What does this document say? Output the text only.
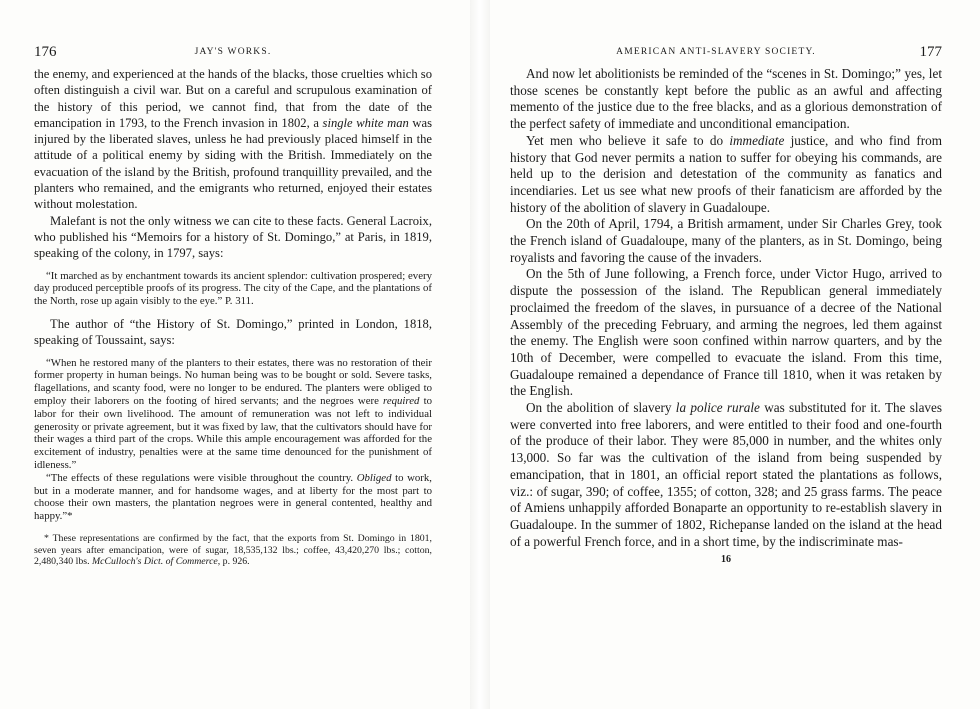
176	JAY'S WORKS.

the enemy, and experienced at the hands of the blacks, those cruelties which so often distinguish a civil war. But on a careful and scrupulous examination of the history of this period, we cannot find, that from the date of the emancipation in 1793, to the French invasion in 1802, a single white man was injured by the liberated slaves, unless he had previously placed himself in the attitude of a political enemy by siding with the British. Immediately on the evacuation of the island by the British, profound tranquillity prevailed, and the planters who remained, and the emigrants who returned, enjoyed their estates without molestation.

Malefant is not the only witness we can cite to these facts. General Lacroix, who published his “Memoirs for a history of St. Domingo,” at Paris, in 1819, speaking of the colony, in 1797, says:

“It marched as by enchantment towards its ancient splendor: cultivation prospered; every day produced perceptible proofs of its progress. The city of the Cape, and the plantations of the North, rose up again visibly to the eye.” P. 311.

The author of “the History of St. Domingo,” printed in London, 1818, speaking of Toussaint, says:

“When he restored many of the planters to their estates, there was no restoration of their former property in human beings. No human being was to be bought or sold. Severe tasks, flagellations, and scanty food, were no longer to be endured. The planters were obliged to employ their laborers on the footing of hired servants; and the negroes were required to labor for their own livelihood. The amount of remuneration was not left to individual generosity or private agreement, but it was fixed by law, that the cultivators should have for their wages a third part of the crops. While this ample encouragement was afforded for the excitement of industry, penalties were at the same time denounced for the punishment of idleness.”

“The effects of these regulations were visible throughout the country. Obliged to work, but in a moderate manner, and for handsome wages, and at liberty for the most part to choose their own masters, the plantation negroes were in general contented, healthy and happy.”*

* These representations are confirmed by the fact, that the exports from St. Domingo in 1801, seven years after emancipation, were of sugar, 18,535,132 lbs.; coffee, 43,420,270 lbs.; cotton, 2,480,340 lbs. McCulloch's Dict. of Commerce, p. 926.

AMERICAN ANTI-SLAVERY SOCIETY.	177

And now let abolitionists be reminded of the “scenes in St. Domingo;” yes, let those scenes be constantly kept before the public as an awful and affecting memento of the justice due to the free blacks, and as a glorious demonstration of the perfect safety of immediate and unconditional emancipation.

Yet men who believe it safe to do immediate justice, and who find from history that God never permits a nation to suffer for obeying his commands, are held up to the derision and detestation of the community as fanatics and incendiaries. Let us see what new proofs of their fanaticism are afforded by the history of the abolition of slavery in Guadaloupe.

On the 20th of April, 1794, a British armament, under Sir Charles Grey, took the French island of Guadaloupe, many of the planters, as in St. Domingo, being royalists and favoring the cause of the invaders.

On the 5th of June following, a French force, under Victor Hugo, arrived to dispute the possession of the island. The Republican general immediately proclaimed the freedom of the slaves, in pursuance of a decree of the National Assembly of the preceding February, and arming the negroes, led them against the enemy. The English were soon confined within narrow quarters, and by the 10th of December, were compelled to evacuate the island. From this time, Guadaloupe remained a dependance of France till 1810, when it was retaken by the English.

On the abolition of slavery la police rurale was substituted for it. The slaves were converted into free laborers, and were entitled to their food and one-fourth of the produce of their labor. They were 85,000 in number, and the whites only 13,000. So far was the cultivation of the island from being suspended by emancipation, that in 1801, an official report stated the plantations as follows, viz.: of sugar, 390; of coffee, 1355; of cotton, 328; and 25 grass farms. The peace of Amiens unhappily afforded Bonaparte an opportunity to re-establish slavery in Guadaloupe. In the summer of 1802, Richepanse landed on the island at the head of a powerful French force, and in a short time, by the indiscriminate mas-

16
